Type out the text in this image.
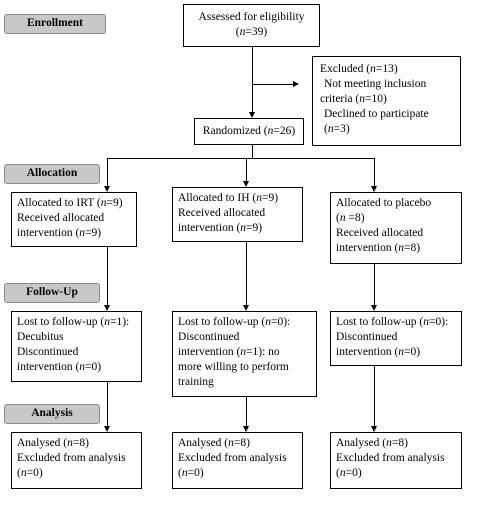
Enrollment
Allocation
Follow-Up
Analysis
Assessed for eligibility
(n=39)
Excluded (n=13)
Not meeting inclusion
criteria (n=10)
Declined to participate
(n=3)
Randomized (n=26)
Allocated to IRT (n=9)
Received allocated
intervention (n=9)
Allocated to IH (n=9)
Received allocated
intervention (n=9)
Allocated to placebo
(n =8)
Received allocated
intervention (n=8)
Lost to follow-up (n=1):
Decubitus
Discontinued
intervention (n=0)
Lost to follow-up (n=0):
Discontinued
intervention (n=1): no
more willing to perform
training
Lost to follow-up (n=0):
Discontinued
intervention (n=0)
Analysed (n=8)
Excluded from analysis
(n=0)
Analysed (n=8)
Excluded from analysis
(n=0)
Analysed (n=8)
Excluded from analysis
(n=0)
